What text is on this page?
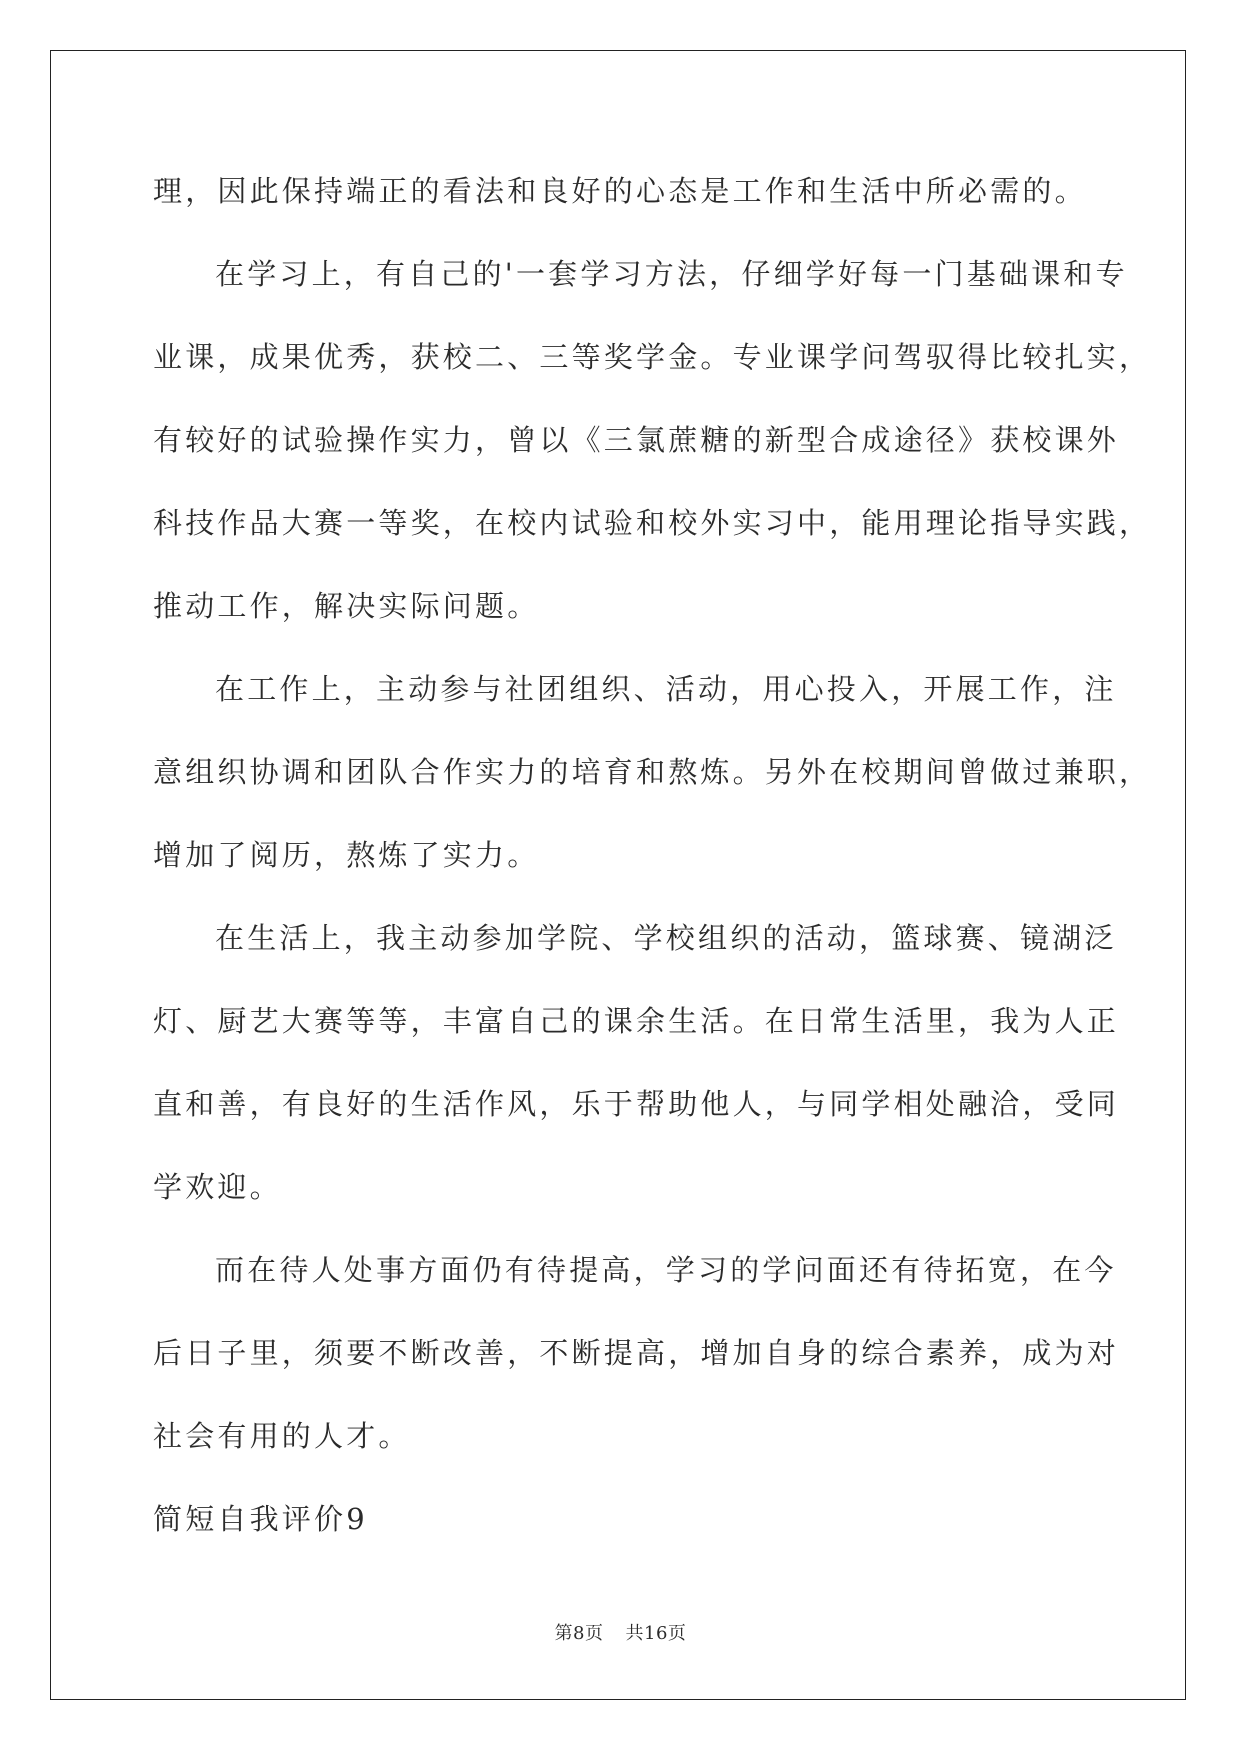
理，因此保持端正的看法和良好的心态是工作和生活中所必需的。

在学习上，有自己的'一套学习方法，仔细学好每一门基础课和专

业课，成果优秀，获校二、三等奖学金。专业课学问驾驭得比较扎实，

有较好的试验操作实力，曾以《三氯蔗糖的新型合成途径》获校课外

科技作品大赛一等奖，在校内试验和校外实习中，能用理论指导实践，

推动工作，解决实际问题。

在工作上，主动参与社团组织、活动，用心投入，开展工作，注

意组织协调和团队合作实力的培育和熬炼。另外在校期间曾做过兼职，

增加了阅历，熬炼了实力。

在生活上，我主动参加学院、学校组织的活动，篮球赛、镜湖泛

灯、厨艺大赛等等，丰富自己的课余生活。在日常生活里，我为人正

直和善，有良好的生活作风，乐于帮助他人，与同学相处融洽，受同

学欢迎。

而在待人处事方面仍有待提高，学习的学问面还有待拓宽，在今

后日子里，须要不断改善，不断提高，增加自身的综合素养，成为对

社会有用的人才。

简短自我评价9

第8页 共16页
